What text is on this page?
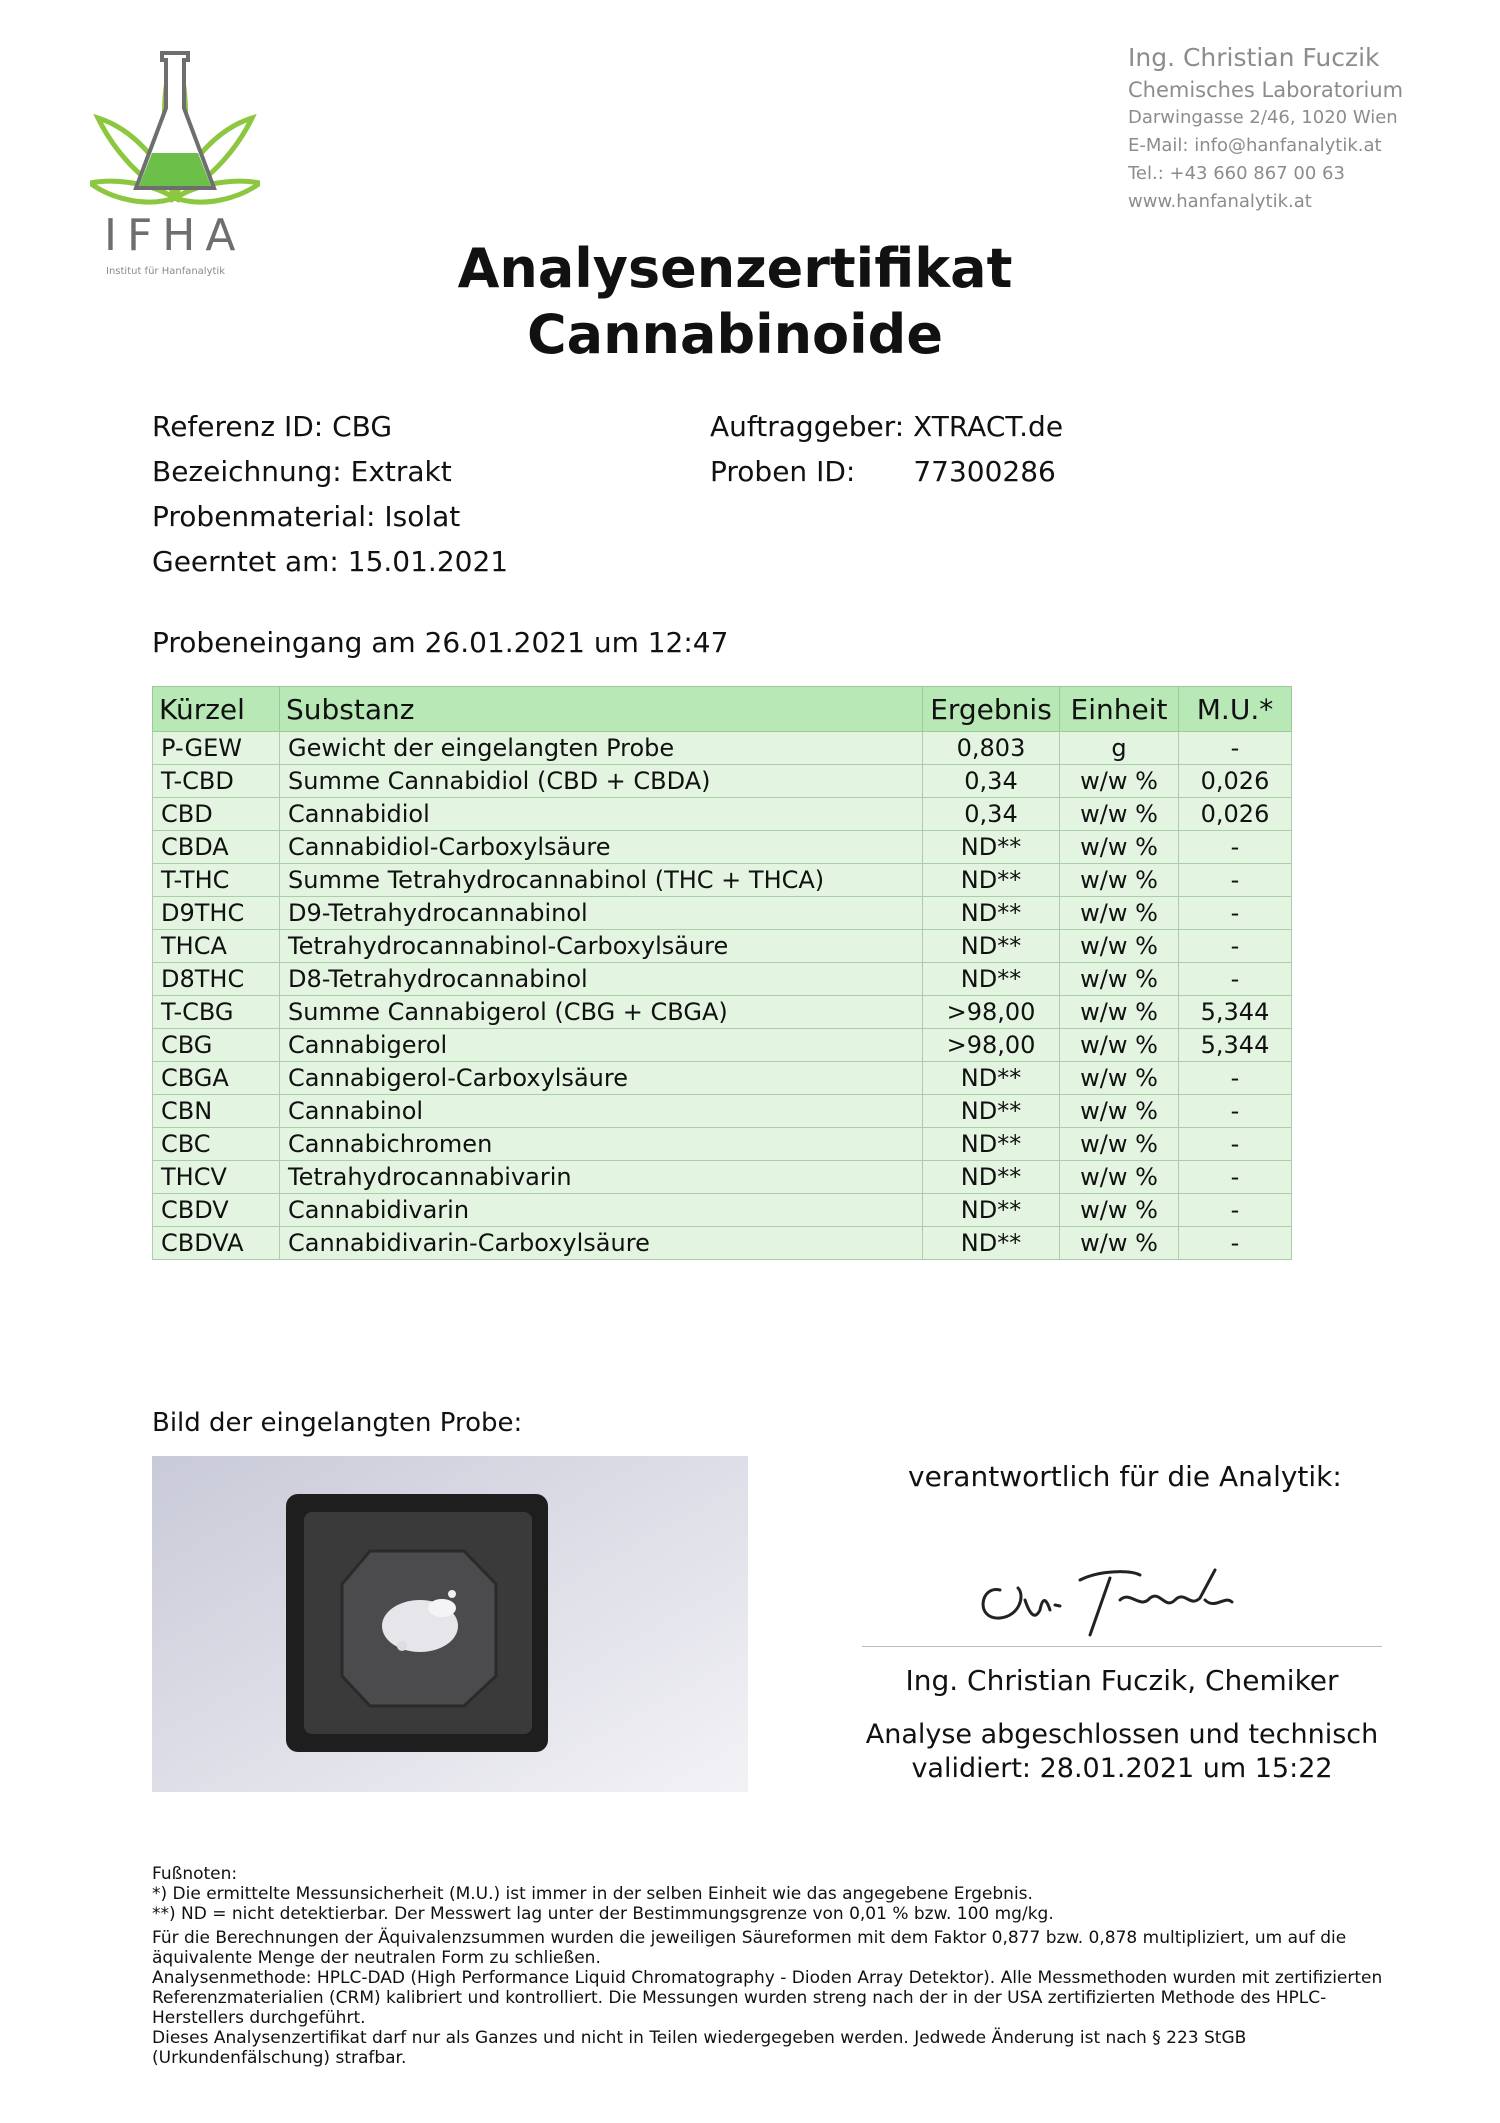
IFHA
Institut für Hanfanalytik
Ing. Christian Fuczik
Chemisches Laboratorium
Darwingasse 2/46, 1020 Wien
E-Mail: info@hanfanalytik.at
Tel.: +43 660 867 00 63
www.hanfanalytik.at
Analysenzertifikat
Cannabinoide
Referenz ID: CBG
Bezeichnung: Extrakt
Probenmaterial: Isolat
Geerntet am: 15.01.2021
Auftraggeber: XTRACT.de
Proben ID: 77300286
Probeneingang am 26.01.2021 um 12:47
Kürzel	Substanz	Ergebnis	Einheit	M.U.*
P-GEW	Gewicht der eingelangten Probe	0,803	g	-
T-CBD	Summe Cannabidiol (CBD + CBDA)	0,34	w/w %	0,026
CBD	Cannabidiol	0,34	w/w %	0,026
CBDA	Cannabidiol-Carboxylsäure	ND**	w/w %	-
T-THC	Summe Tetrahydrocannabinol (THC + THCA)	ND**	w/w %	-
D9THC	D9-Tetrahydrocannabinol	ND**	w/w %	-
THCA	Tetrahydrocannabinol-Carboxylsäure	ND**	w/w %	-
D8THC	D8-Tetrahydrocannabinol	ND**	w/w %	-
T-CBG	Summe Cannabigerol (CBG + CBGA)	>98,00	w/w %	5,344
CBG	Cannabigerol	>98,00	w/w %	5,344
CBGA	Cannabigerol-Carboxylsäure	ND**	w/w %	-
CBN	Cannabinol	ND**	w/w %	-
CBC	Cannabichromen	ND**	w/w %	-
THCV	Tetrahydrocannabivarin	ND**	w/w %	-
CBDV	Cannabidivarin	ND**	w/w %	-
CBDVA	Cannabidivarin-Carboxylsäure	ND**	w/w %	-
Bild der eingelangten Probe:
verantwortlich für die Analytik:
Ing. Christian Fuczik, Chemiker
Analyse abgeschlossen und technisch
validiert: 28.01.2021 um 15:22
Fußnoten:
*) Die ermittelte Messunsicherheit (M.U.) ist immer in der selben Einheit wie das angegebene Ergebnis.
**) ND = nicht detektierbar. Der Messwert lag unter der Bestimmungsgrenze von 0,01 % bzw. 100 mg/kg.
Für die Berechnungen der Äquivalenzsummen wurden die jeweiligen Säureformen mit dem Faktor 0,877 bzw. 0,878 multipliziert, um auf die äquivalente Menge der neutralen Form zu schließen.
Analysenmethode: HPLC-DAD (High Performance Liquid Chromatography - Dioden Array Detektor). Alle Messmethoden wurden mit zertifizierten Referenzmaterialien (CRM) kalibriert und kontrolliert. Die Messungen wurden streng nach der in der USA zertifizierten Methode des HPLC-Herstellers durchgeführt.
Dieses Analysenzertifikat darf nur als Ganzes und nicht in Teilen wiedergegeben werden. Jedwede Änderung ist nach § 223 StGB (Urkundenfälschung) strafbar.
